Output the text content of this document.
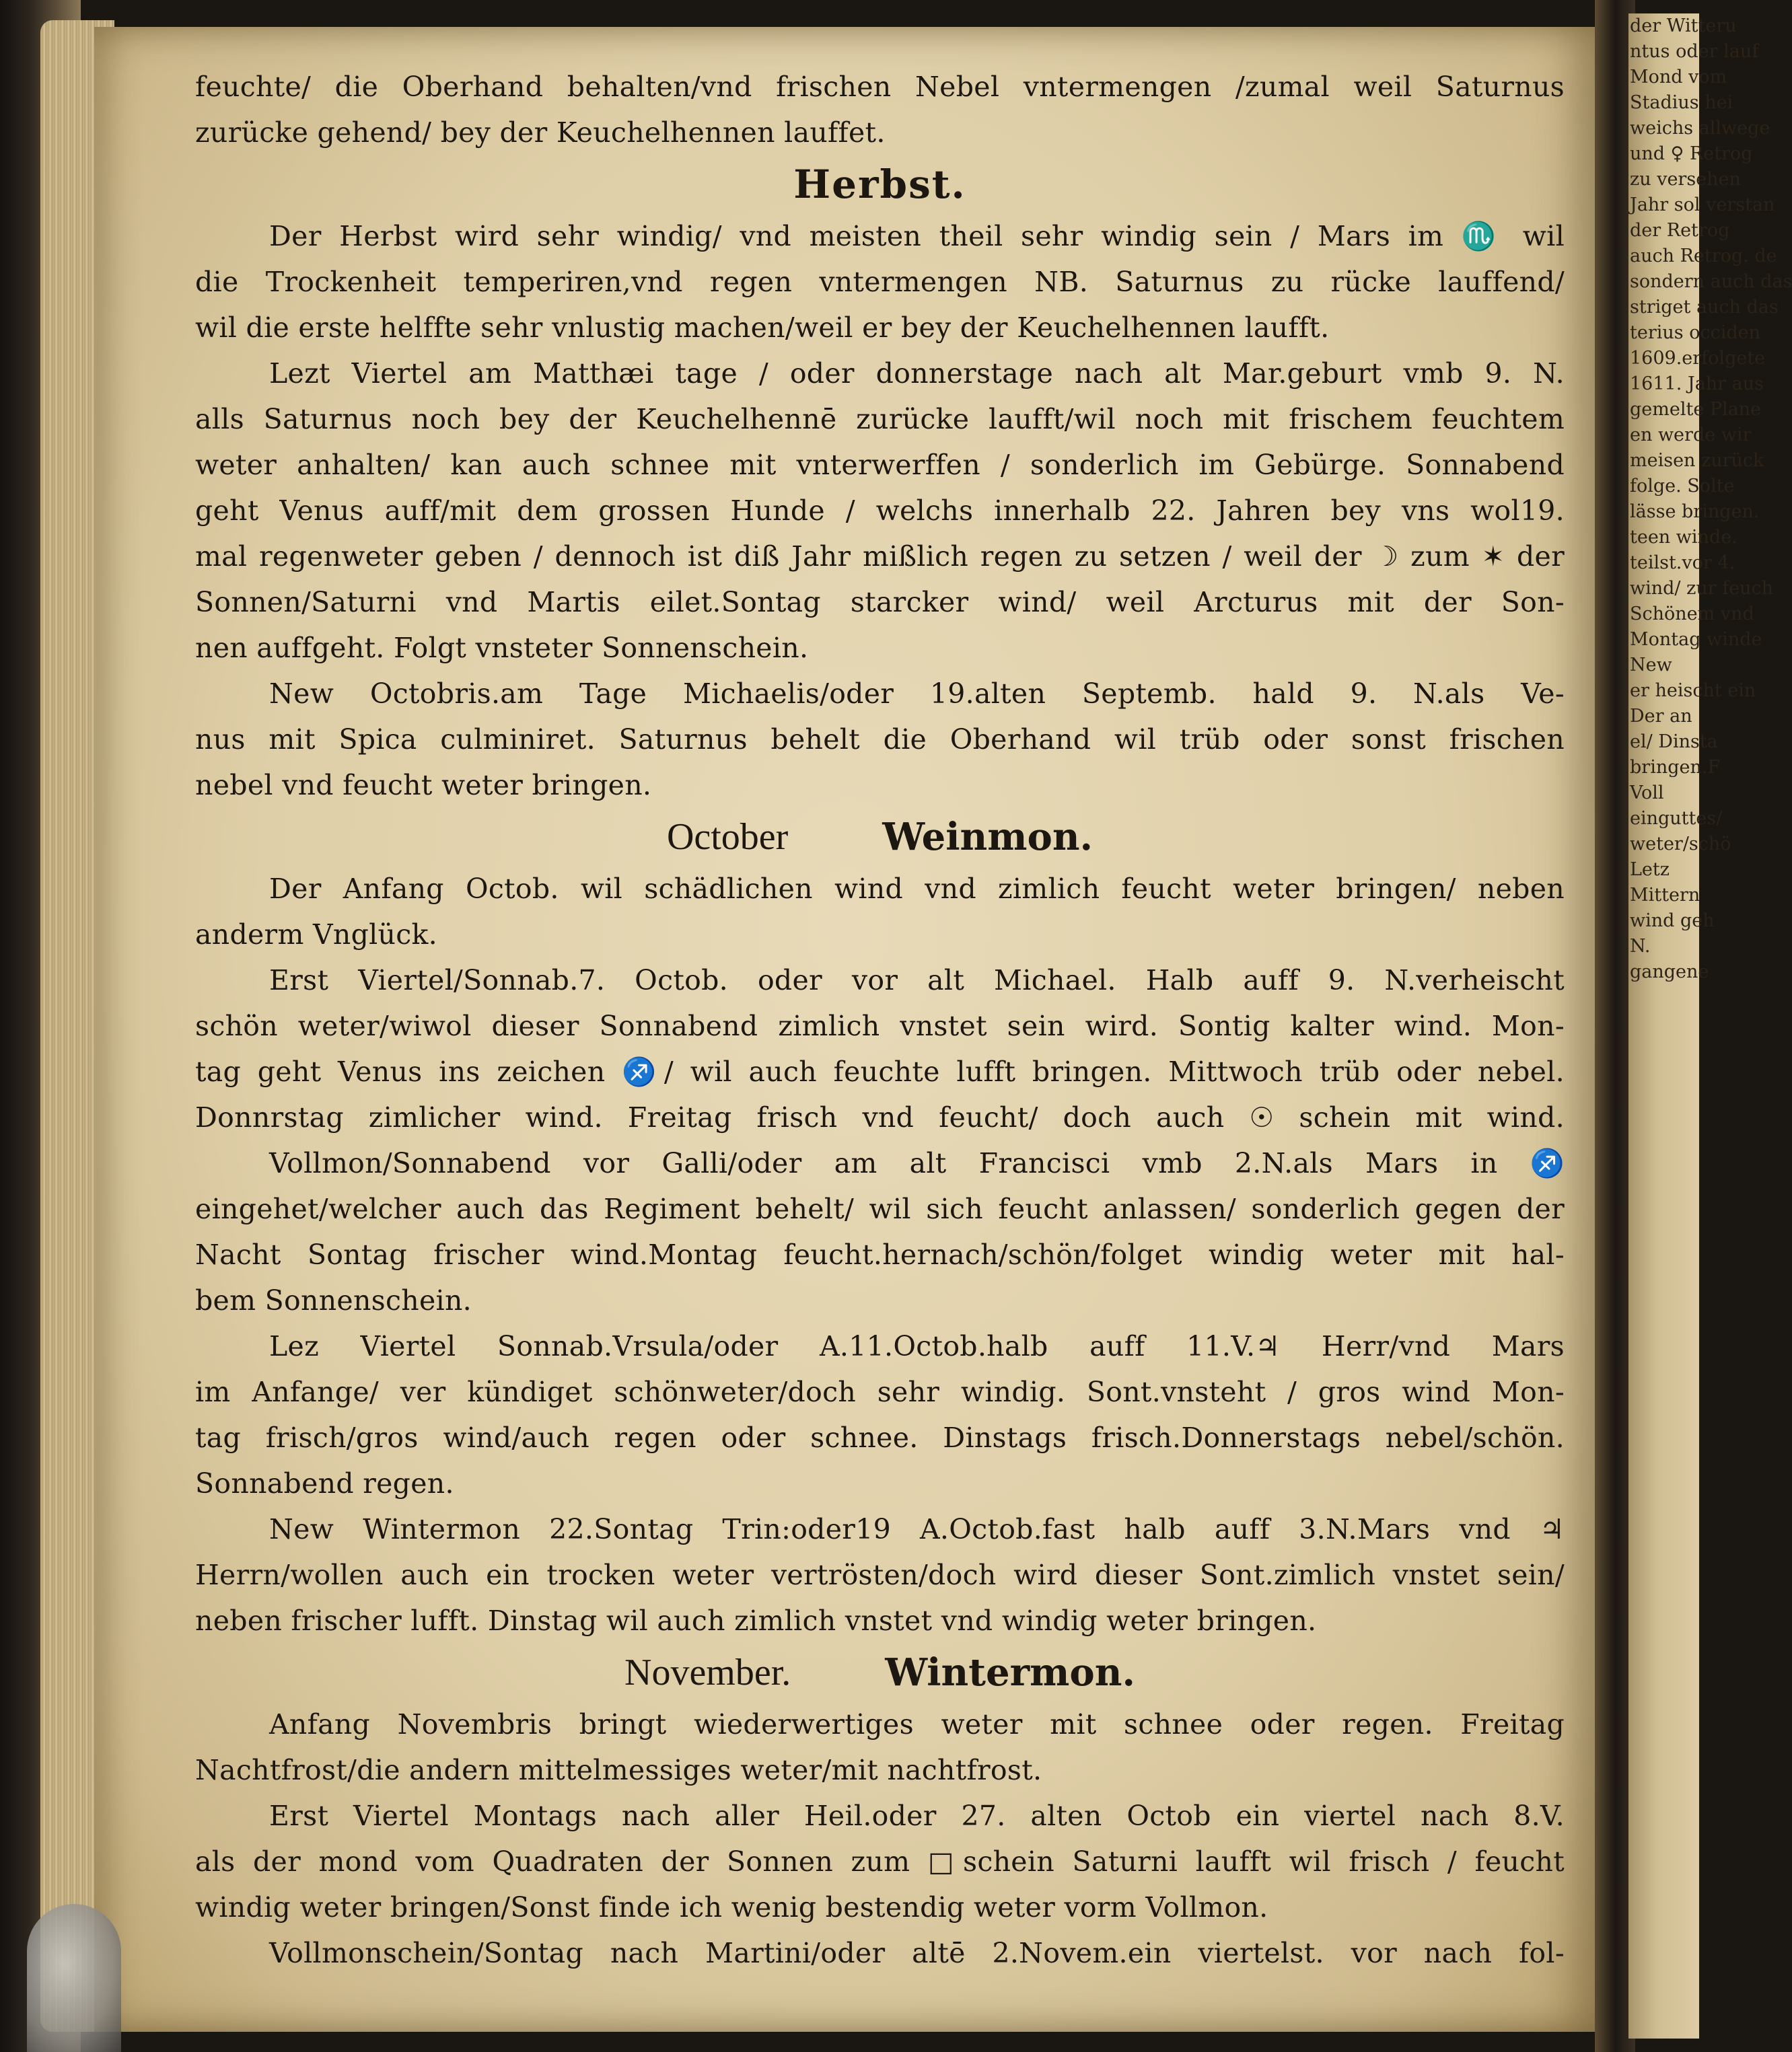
feuchte/ die Oberhand behalten/vnd frischen Nebel vntermengen /zumal weil Saturnus
zurücke gehend/ bey der Keuchelhennen lauffet.
Herbst.
Der Herbst wird sehr windig/ vnd meisten theil sehr windig sein / Mars im ♏ wil
die Trockenheit temperiren,vnd regen vntermengen NB. Saturnus zu rücke lauffend/
wil die erste helffte sehr vnlustig machen/weil er bey der Keuchelhennen laufft.
Lezt Viertel am Matthæi tage / oder donnerstage nach alt Mar.geburt vmb 9. N.
alls Saturnus noch bey der Keuchelhennē zurücke laufft/wil noch mit frischem feuchtem
weter anhalten/ kan auch schnee mit vnterwerffen / sonderlich im Gebürge. Sonnabend
geht Venus auff/mit dem grossen Hunde / welchs innerhalb 22. Jahren bey vns wol19.
mal regenweter geben / dennoch ist diß Jahr mißlich regen zu setzen / weil der ☽ zum ✶ der
Sonnen/Saturni vnd Martis eilet.Sontag starcker wind/ weil Arcturus mit der Son-
nen auffgeht. Folgt vnsteter Sonnenschein.
New Octobris.am Tage Michaelis/oder 19.alten Septemb. hald 9. N.als Ve-
nus mit Spica culminiret. Saturnus behelt die Oberhand wil trüb oder sonst frischen
nebel vnd feucht weter bringen.
October	Weinmon.
Der Anfang Octob. wil schädlichen wind vnd zimlich feucht weter bringen/ neben
anderm Vnglück.
Erst Viertel/Sonnab.7. Octob. oder vor alt Michael. Halb auff 9. N.verheischt
schön weter/wiwol dieser Sonnabend zimlich vnstet sein wird. Sontig kalter wind. Mon-
tag geht Venus ins zeichen ♐/ wil auch feuchte lufft bringen. Mittwoch trüb oder nebel.
Donnrstag zimlicher wind. Freitag frisch vnd feucht/ doch auch ☉ schein mit wind.
Vollmon/Sonnabend vor Galli/oder am alt Francisci vmb 2.N.als Mars in ♐
eingehet/welcher auch das Regiment behelt/ wil sich feucht anlassen/ sonderlich gegen der
Nacht Sontag frischer wind.Montag feucht.hernach/schön/folget windig weter mit hal-
bem Sonnenschein.
Lez Viertel Sonnab.Vrsula/oder A.11.Octob.halb auff 11.V.♃ Herr/vnd Mars
im Anfange/ ver kündiget schönweter/doch sehr windig. Sont.vnsteht / gros wind Mon-
tag frisch/gros wind/auch regen oder schnee. Dinstags frisch.Donnerstags nebel/schön.
Sonnabend regen.
New Wintermon 22.Sontag Trin:oder19 A.Octob.fast halb auff 3.N.Mars vnd ♃
Herrn/wollen auch ein trocken weter vertrösten/doch wird dieser Sont.zimlich vnstet sein/
neben frischer lufft. Dinstag wil auch zimlich vnstet vnd windig weter bringen.
November.	Wintermon.
Anfang Novembris bringt wiederwertiges weter mit schnee oder regen. Freitag
Nachtfrost/die andern mittelmessiges weter/mit nachtfrost.
Erst Viertel Montags nach aller Heil.oder 27. alten Octob ein viertel nach 8.V.
als der mond vom Quadraten der Sonnen zum □schein Saturni laufft wil frisch / feucht
windig weter bringen/Sonst finde ich wenig bestendig weter vorm Vollmon.
Vollmonschein/Sontag nach Martini/oder altē 2.Novem.ein viertelst. vor nach fol-
der Witteru
ntus oder lauf
Mond vom
Stadius hei
weichs allwege
und ♀ Retrog
zu versehen
Jahr sol verstan
der Retrog
auch Retrog. de
sondern auch das
striget auch das
terius occiden
1609.erfolgete
1611. Jahr aus
gemelte Plane
en werde wir
meisen zurück
folge. Solte
lässe bringen.
teen winde.
teilst.vor 4.
wind/ zur feuch
Schönem vnd
Montag winde
New
er heischt ein
Der an
el/ Dinsta
bringen.F
Voll
einguttes/
weter/schö
Letz
Mittern
wind geh
N.
gangene
